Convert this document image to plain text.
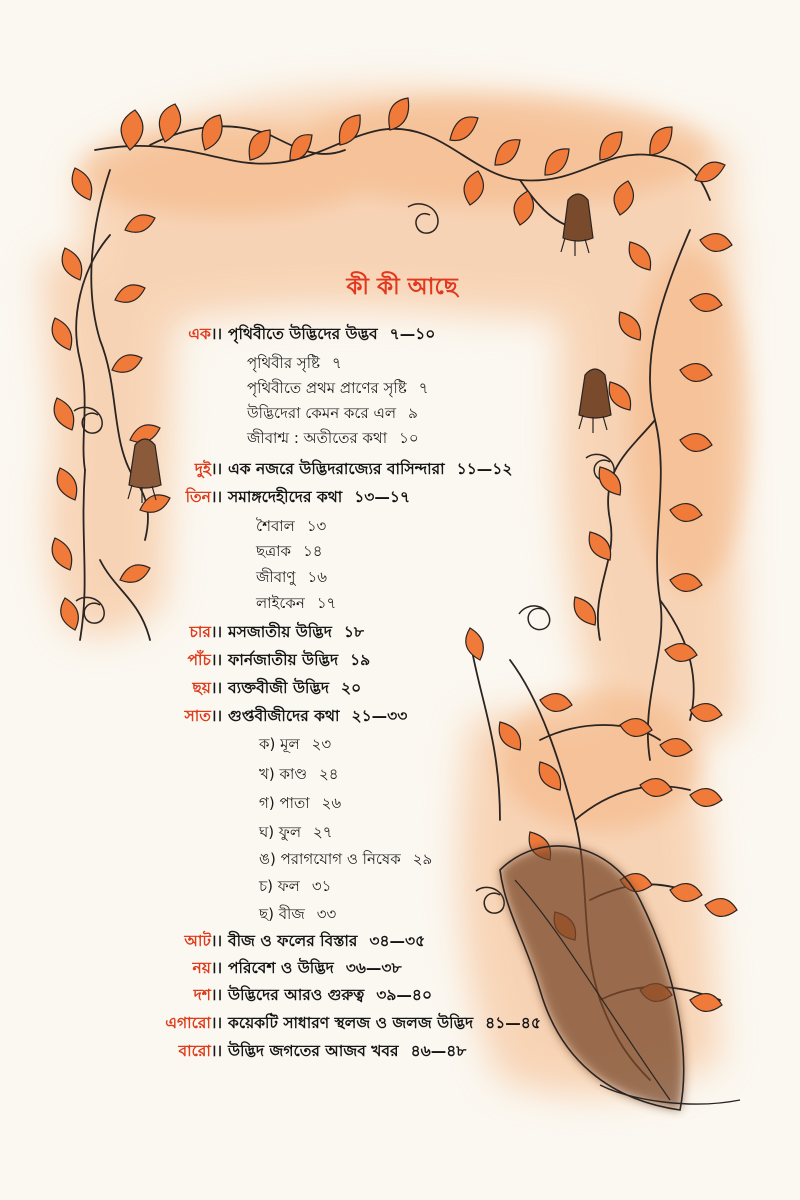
কী কী আছে
এক।। পৃথিবীতে উদ্ভিদের উদ্ভব ৭—১০
পৃথিবীর সৃষ্টি ৭
পৃথিবীতে প্রথম প্রাণের সৃষ্টি ৭
উদ্ভিদেরা কেমন করে এল ৯
জীবাশ্ম : অতীতের কথা ১০
দুই।। এক নজরে উদ্ভিদরাজ্যের বাসিন্দারা ১১—১২
তিন।। সমাঙ্গদেহীদের কথা ১৩—১৭
শৈবাল ১৩
ছত্রাক ১৪
জীবাণু ১৬
লাইকেন ১৭
চার।। মসজাতীয় উদ্ভিদ ১৮
পাঁচ।। ফার্নজাতীয় উদ্ভিদ ১৯
ছয়।। ব্যক্তবীজী উদ্ভিদ ২০
সাত।। গুপ্তবীজীদের কথা ২১—৩৩
ক) মূল ২৩
খ) কাণ্ড ২৪
গ) পাতা ২৬
ঘ) ফুল ২৭
ঙ) পরাগযোগ ও নিষেক ২৯
চ) ফল ৩১
ছ) বীজ ৩৩
আট।। বীজ ও ফলের বিস্তার ৩৪—৩৫
নয়।। পরিবেশ ও উদ্ভিদ ৩৬—৩৮
দশ।। উদ্ভিদের আরও গুরুত্ব ৩৯—৪০
এগারো।। কয়েকটি সাধারণ স্থলজ ও জলজ উদ্ভিদ ৪১—৪৫
বারো।। উদ্ভিদ জগতের আজব খবর ৪৬—৪৮
